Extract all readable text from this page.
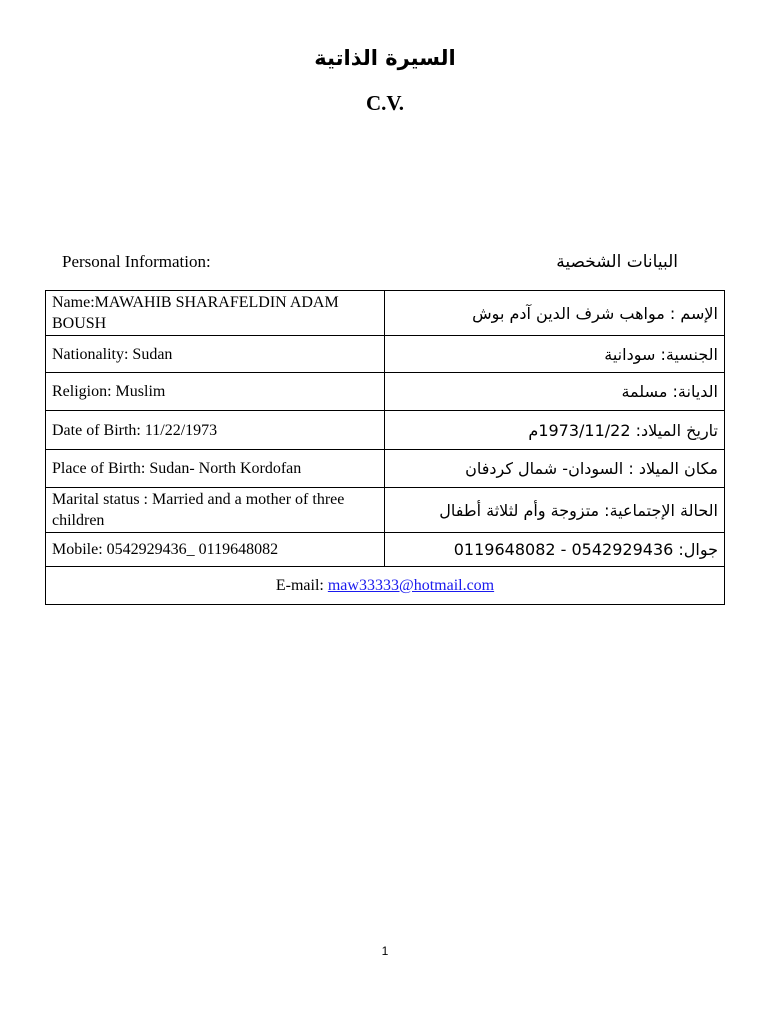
السيرة الذاتية
C.V.
Personal Information:	البيانات الشخصية
Name:MAWAHIB SHARAFELDIN ADAM BOUSH	الإسم : مواهب شرف الدين آدم بوش
Nationality: Sudan	الجنسية: سودانية
Religion: Muslim	الديانة: مسلمة
Date of Birth: 11/22/1973	تاريخ الميلاد: 1973/11/22م
Place of Birth: Sudan- North Kordofan	مكان الميلاد : السودان- شمال كردفان
Marital status : Married and a mother of three children	الحالة الإجتماعية: متزوجة وأم لثلاثة أطفال
Mobile: 0542929436_ 0119648082	جوال: 0542929436 - 0119648082
E-mail: maw33333@hotmail.com	
1
